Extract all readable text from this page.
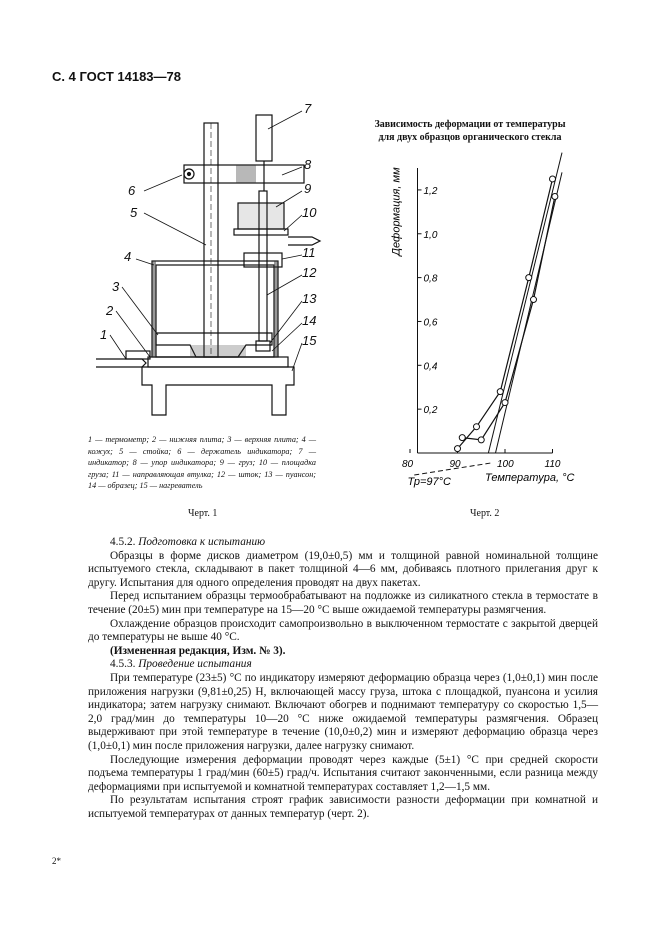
С. 4 ГОСТ 14183—78
6
5
4
3
2
1
7
8
9
10
11
12
13
14
15
1 — термометр; 2 — нижняя плита; 3 — верхняя плита; 4 — кожух; 5 — стойка; 6 — держатель индикатора; 7 — индикатор; 8 — упор индикатора; 9 — груз; 10 — площадка груза; 11 — направляющая втулка; 12 — шток; 13 — пуансон; 14 — образец; 15 — нагреватель
Черт. 1
Зависимость деформации от температуры
для двух образцов органического стекла
0,2
0,4
0,6
0,8
1,0
1,2
80	90	100	110
Деформация, мм
Температура, °С
Тр=97°С
Черт. 2

4.5.2. Подготовка к испытанию

Образцы в форме дисков диаметром (19,0±0,5) мм и толщиной равной номинальной толщине испытуемого стекла, складывают в пакет толщиной 4—6 мм, добиваясь плотного прилегания друг к другу. Испытания для одного определения проводят на двух пакетах.

Перед испытанием образцы термообрабатывают на подложке из силикатного стекла в термостате в течение (20±5) мин при температуре на 15—20 °С выше ожидаемой температуры размягчения.

Охлаждение образцов происходит самопроизвольно в выключенном термостате с закрытой дверцей до температуры не выше 40 °С.

(Измененная редакция, Изм. № 3).

4.5.3. Проведение испытания

При температуре (23±5) °С по индикатору измеряют деформацию образца через (1,0±0,1) мин после приложения нагрузки (9,81±0,25) Н, включающей массу груза, штока с площадкой, пуансона и усилия индикатора; затем нагрузку снимают. Включают обогрев и поднимают температуру со скоростью 1,5—2,0 град/мин до температуры 10—20 °С ниже ожидаемой температуры размягчения. Образец выдерживают при этой температуре в течение (10,0±0,2) мин и измеряют деформацию образца через (1,0±0,1) мин после приложения нагрузки, далее нагрузку снимают.

Последующие измерения деформации проводят через каждые (5±1) °С при средней скорости подъема температуры 1 град/мин (60±5) град/ч. Испытания считают законченными, если разница между деформациями при испытуемой и комнатной температурах составляет 1,2—1,5 мм.

По результатам испытания строят график зависимости разности деформации при комнатной и испытуемой температурах от данных температур (черт. 2).

2*
